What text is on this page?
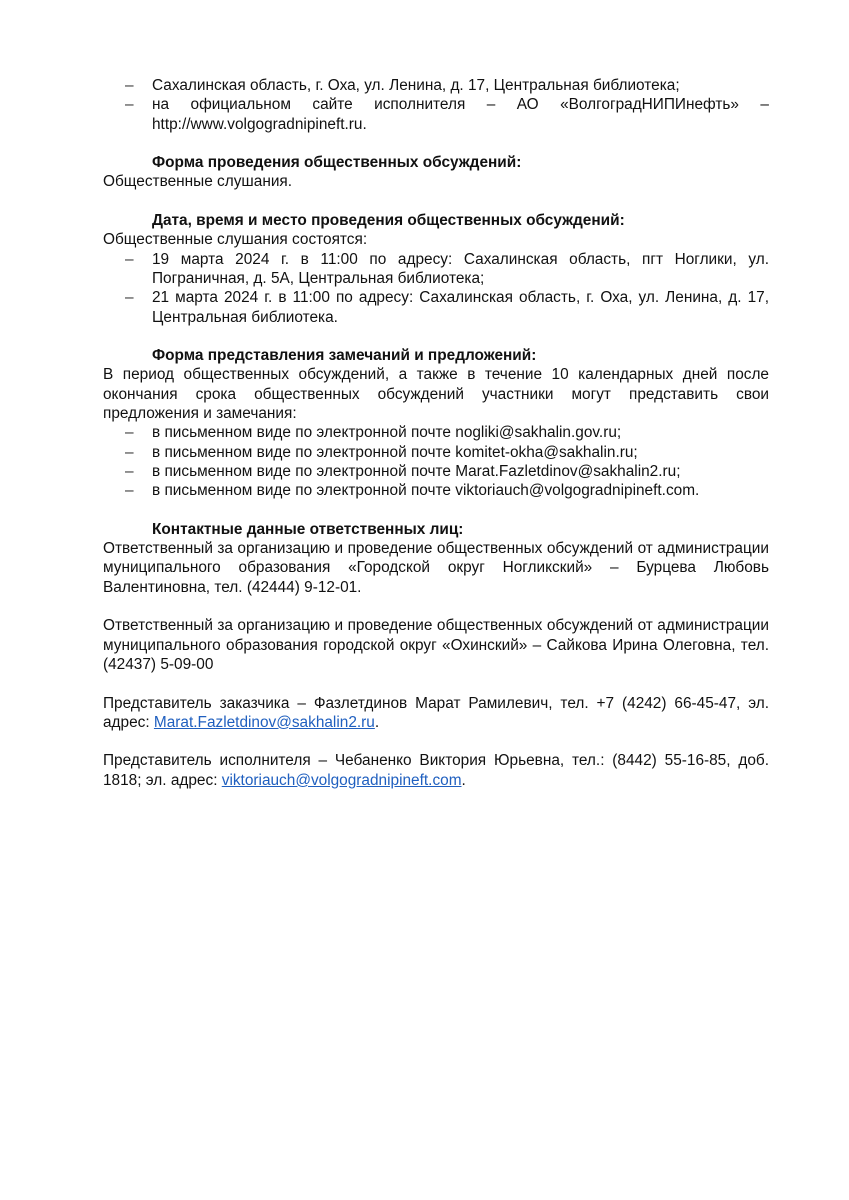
– Сахалинская область, г. Оха, ул. Ленина, д. 17, Центральная библиотека;
– на официальном сайте исполнителя – АО «ВолгоградНИПИнефть» – http://www.volgogradnipineft.ru.

Форма проведения общественных обсуждений:

Общественные слушания.

Дата, время и место проведения общественных обсуждений:

Общественные слушания состоятся:

– 19 марта 2024 г. в 11:00 по адресу: Сахалинская область, пгт Ноглики, ул. Пограничная, д. 5А, Центральная библиотека;
– 21 марта 2024 г. в 11:00 по адресу: Сахалинская область, г. Оха, ул. Ленина, д. 17, Центральная библиотека.

Форма представления замечаний и предложений:

В период общественных обсуждений, а также в течение 10 календарных дней после окончания срока общественных обсуждений участники могут представить свои предложения и замечания:

– в письменном виде по электронной почте nogliki@sakhalin.gov.ru;
– в письменном виде по электронной почте komitet-okha@sakhalin.ru;
– в письменном виде по электронной почте Marat.Fazletdinov@sakhalin2.ru;
– в письменном виде по электронной почте viktoriauch@volgogradnipineft.com.

Контактные данные ответственных лиц:

Ответственный за организацию и проведение общественных обсуждений от администрации муниципального образования «Городской округ Ногликский» – Бурцева Любовь Валентиновна, тел. (42444) 9-12-01.

Ответственный за организацию и проведение общественных обсуждений от администрации муниципального образования городской округ «Охинский» – Сайкова Ирина Олеговна, тел. (42437) 5-09-00

Представитель заказчика – Фазлетдинов Марат Рамилевич, тел. +7 (4242) 66-45-47, эл. адрес: Marat.Fazletdinov@sakhalin2.ru.

Представитель исполнителя – Чебаненко Виктория Юрьевна, тел.: (8442) 55-16-85, доб. 1818; эл. адрес: viktoriauch@volgogradnipineft.com.
